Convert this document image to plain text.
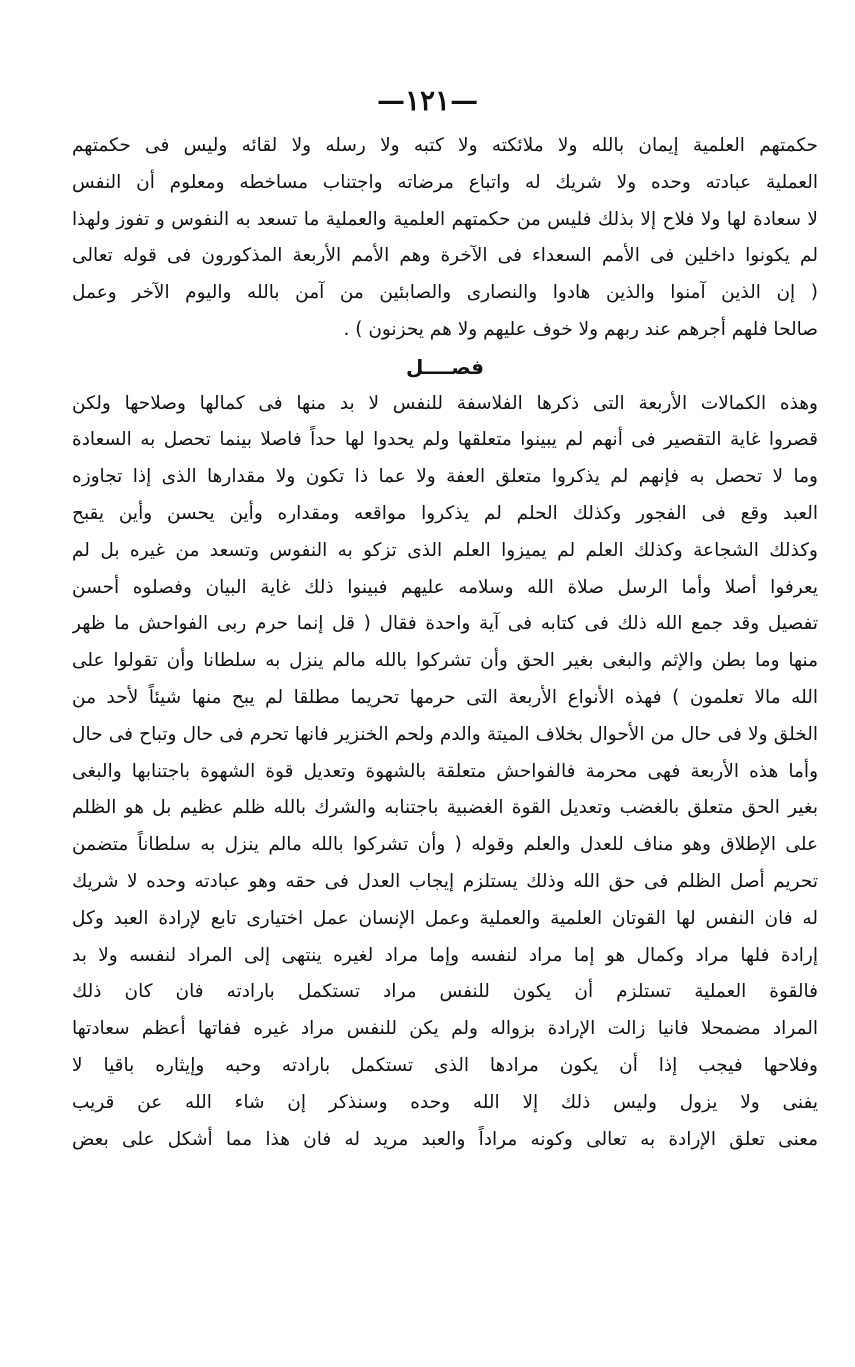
—١٢١—
حكمتهم العلمية إيمان بالله ولا ملائكته ولا كتبه ولا رسله ولا لقائه وليس فى حكمتهم
العملية عبادته وحده ولا شريك له واتباع مرضاته واجتناب مساخطه ومعلوم أن النفس
لا سعادة لها ولا فلاح إلا بذلك فليس من حكمتهم العلمية والعملية ما تسعد به النفوس و تفوز ولهذا
لم يكونوا داخلين فى الأمم السعداء فى الآخرة وهم الأمم الأربعة المذكورون فى قوله تعالى
( إن الذين آمنوا والذين هادوا والنصارى والصابئين من آمن بالله واليوم الآخر وعمل
صالحا فلهم أجرهم عند ربهم ولا خوف عليهم ولا هم يحزنون ) .
فصــــل
وهذه الكمالات الأربعة التى ذكرها الفلاسفة للنفس لا بد منها فى كمالها وصلاحها ولكن
قصروا غاية التقصير فى أنهم لم يبينوا متعلقها ولم يحدوا لها حداً فاصلا بينما تحصل به السعادة
وما لا تحصل به فإنهم لم يذكروا متعلق العفة ولا عما ذا تكون ولا مقدارها الذى إذا تجاوزه
العبد وقع فى الفجور وكذلك الحلم لم يذكروا مواقعه ومقداره وأين يحسن وأين يقبح
وكذلك الشجاعة وكذلك العلم لم يميزوا العلم الذى تزكو به النفوس وتسعد من غيره بل لم
يعرفوا أصلا وأما الرسل صلاة الله وسلامه عليهم فبينوا ذلك غاية البيان وفصلوه أحسن
تفصيل وقد جمع الله ذلك فى كتابه فى آية واحدة فقال ( قل إنما حرم ربى الفواحش ما ظهر
منها وما بطن والإثم والبغى بغير الحق وأن تشركوا بالله مالم ينزل به سلطانا وأن تقولوا على
الله مالا تعلمون ) فهذه الأنواع الأربعة التى حرمها تحريما مطلقا لم يبح منها شيئاً لأحد من
الخلق ولا فى حال من الأحوال بخلاف الميتة والدم ولحم الخنزير فانها تحرم فى حال وتباح فى حال
وأما هذه الأربعة فهى محرمة فالفواحش متعلقة بالشهوة وتعديل قوة الشهوة باجتنابها والبغى
بغير الحق متعلق بالغضب وتعديل القوة الغضبية باجتنابه والشرك بالله ظلم عظيم بل هو الظلم
على الإطلاق وهو مناف للعدل والعلم وقوله ( وأن تشركوا بالله مالم ينزل به سلطاناً متضمن
تحريم أصل الظلم فى حق الله وذلك يستلزم إيجاب العدل فى حقه وهو عبادته وحده لا شريك
له فان النفس لها القوتان العلمية والعملية وعمل الإنسان عمل اختيارى تابع لإرادة العبد وكل
إرادة فلها مراد وكمال هو إما مراد لنفسه وإما مراد لغيره ينتهى إلى المراد لنفسه ولا بد
فالقوة العملية تستلزم أن يكون للنفس مراد تستكمل بارادته فان كان ذلك
المراد مضمحلا فانيا زالت الإرادة بزواله ولم يكن للنفس مراد غيره ففاتها أعظم سعادتها
وفلاحها فيجب إذا أن يكون مرادها الذى تستكمل بارادته وحبه وإيثاره باقيا لا
يفنى ولا يزول وليس ذلك إلا الله وحده وسنذكر إن شاء الله عن قريب
معنى تعلق الإرادة به تعالى وكونه مراداً والعبد مريد له فان هذا مما أشكل على بعض
